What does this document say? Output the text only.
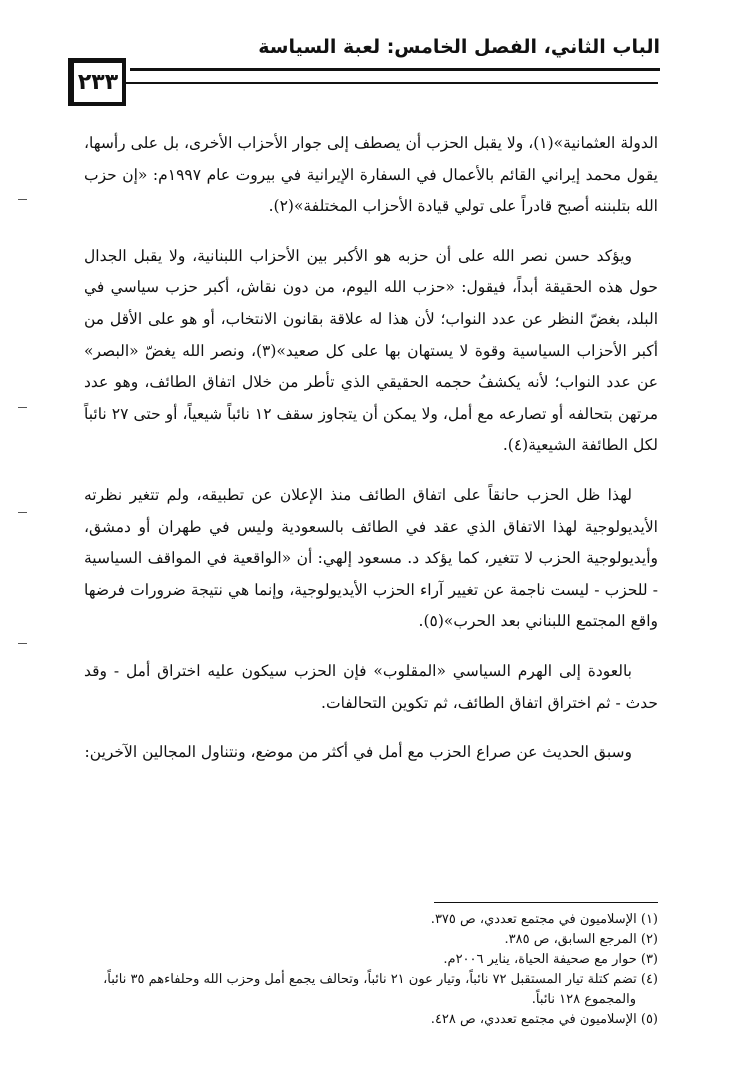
الباب الثاني، الفصل الخامس: لعبة السياسة
٢٣٣

الدولة العثمانية»(١)، ولا يقبل الحزب أن يصطف إلى جوار الأحزاب الأخرى، بل على رأسها، يقول محمد إيراني القائم بالأعمال في السفارة الإيرانية في بيروت عام ١٩٩٧م: «إن حزب الله بتلبننه أصبح قادراً على تولي قيادة الأحزاب المختلفة»(٢).

ويؤكد حسن نصر الله على أن حزبه هو الأكبر بين الأحزاب اللبنانية، ولا يقبل الجدال حول هذه الحقيقة أبداً، فيقول: «حزب الله اليوم، من دون نقاش، أكبر حزب سياسي في البلد، بغضّ النظر عن عدد النواب؛ لأن هذا له علاقة بقانون الانتخاب، أو هو على الأقل من أكبر الأحزاب السياسية وقوة لا يستهان بها على كل صعيد»(٣)، ونصر الله يغضّ «البصر» عن عدد النواب؛ لأنه يكشفُ حجمه الحقيقي الذي تأطر من خلال اتفاق الطائف، وهو عدد مرتهن بتحالفه أو تصارعه مع أمل، ولا يمكن أن يتجاوز سقف ١٢ نائباً شيعياً، أو حتى ٢٧ نائباً لكل الطائفة الشيعية(٤).

لهذا ظل الحزب حانقاً على اتفاق الطائف منذ الإعلان عن تطبيقه، ولم تتغير نظرته الأيديولوجية لهذا الاتفاق الذي عقد في الطائف بالسعودية وليس في طهران أو دمشق، وأيديولوجية الحزب لا تتغير، كما يؤكد د. مسعود إلهي: أن «الواقعية في المواقف السياسية - للحزب - ليست ناجمة عن تغيير آراء الحزب الأيديولوجية، وإنما هي نتيجة ضرورات فرضها واقع المجتمع اللبناني بعد الحرب»(٥).

بالعودة إلى الهرم السياسي «المقلوب» فإن الحزب سيكون عليه اختراق أمل - وقد حدث - ثم اختراق اتفاق الطائف، ثم تكوين التحالفات.

وسبق الحديث عن صراع الحزب مع أمل في أكثر من موضع، ونتناول المجالين الآخرين:

(١) الإسلاميون في مجتمع تعددي، ص ٣٧٥.
(٢) المرجع السابق، ص ٣٨٥.
(٣) حوار مع صحيفة الحياة، يناير ٢٠٠٦م.
(٤) تضم كتلة تيار المستقبل ٧٢ نائباً، وتيار عون ٢١ نائباً، وتحالف يجمع أمل وحزب الله وحلفاءهم ٣٥ نائباً، والمجموع ١٢٨ نائباً.
(٥) الإسلاميون في مجتمع تعددي، ص ٤٢٨.
